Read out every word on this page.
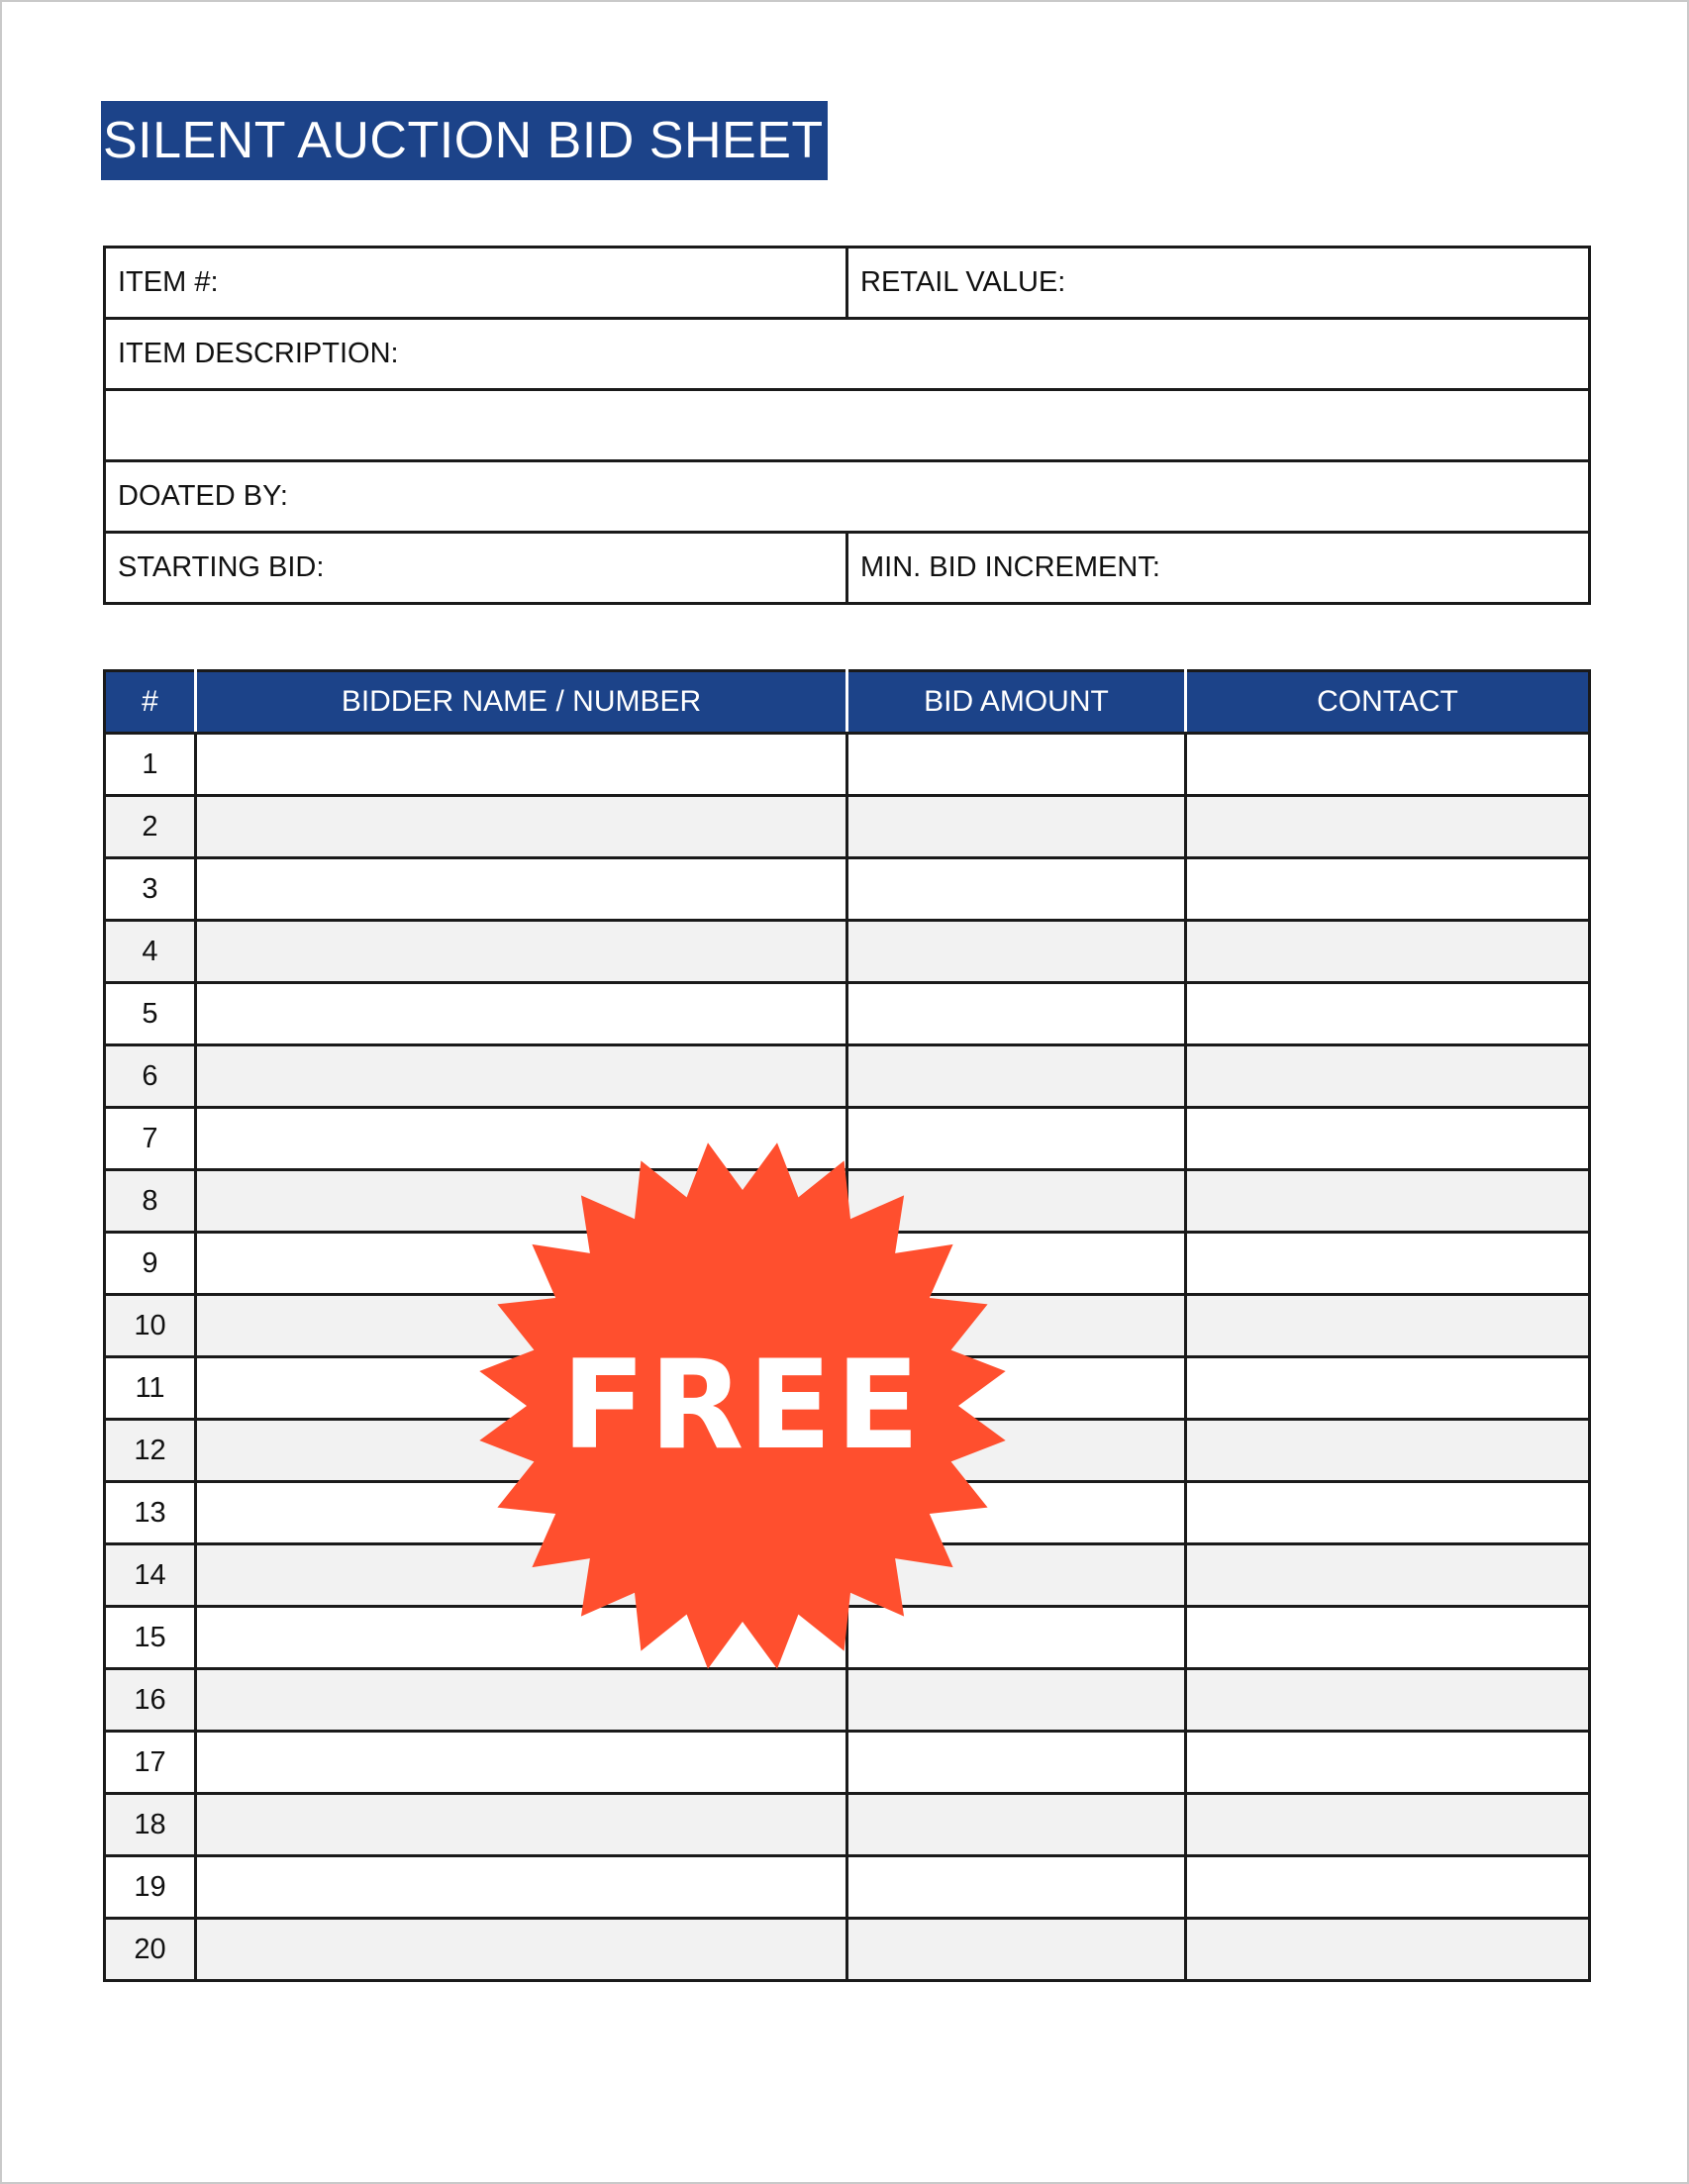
SILENT AUCTION BID SHEET
ITEM #:	RETAIL VALUE:
ITEM DESCRIPTION:	

DOATED BY:	
STARTING BID:	MIN. BID INCREMENT:
#	BIDDER NAME / NUMBER	BID AMOUNT	CONTACT
1			
2			
3			
4			
5			
6			
7			
8			
9			
10			
11			
12			
13			
14			
15			
16			
17			
18			
19			
20			
FREE
